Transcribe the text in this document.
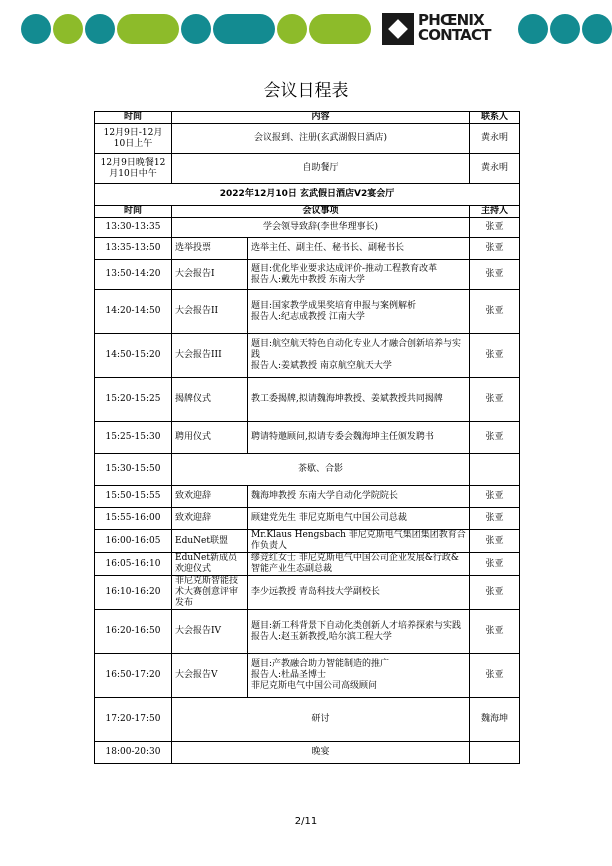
PHŒNIX
CONTACT
会议日程表
时间	内容		联系人
12月9日-12月10日上午	会议报到、注册(玄武湖假日酒店)		黄永明
12月9日晚餐12月10日中午	自助餐厅		黄永明
2022年12月10日 玄武假日酒店V2宴会厅			
时间	会议事项		主持人
13:30-13:35	学会领导致辞(李世华理事长)		张亚
13:35-13:50	选举投票	选举主任、副主任、秘书长、副秘书长	张亚
13:50-14:20	大会报告I	题目:优化毕业要求达成评价-推动工程教育改革
报告人:戴先中教授 东南大学	张亚
14:20-14:50	大会报告II	题目:国家教学成果奖培育申报与案例解析
报告人:纪志成教授 江南大学	张亚
14:50-15:20	大会报告III	题目:航空航天特色自动化专业人才融合创新培养与实践
报告人:姜斌教授 南京航空航天大学	张亚
15:20-15:25	揭牌仪式	教工委揭牌,拟请魏海坤教授、姜斌教授共同揭牌	张亚
15:25-15:30	聘用仪式	聘请特邀顾问,拟请专委会魏海坤主任颁发聘书	张亚
15:30-15:50	茶歇、合影		
15:50-15:55	致欢迎辞	魏海坤教授 东南大学自动化学院院长	张亚
15:55-16:00	致欢迎辞	顾建党先生 菲尼克斯电气中国公司总裁	张亚
16:00-16:05	EduNet联盟	Mr.Klaus Hengsbach 菲尼克斯电气集团集团教育合作负责人	张亚
16:05-16:10	EduNet新成员欢迎仪式	缪竞红女士 菲尼克斯电气中国公司企业发展&行政&智能产业生态副总裁	张亚
16:10-16:20	菲尼克斯智能技术大赛创意评审发布	李少远教授 青岛科技大学副校长	张亚
16:20-16:50	大会报告IV	题目:新工科背景下自动化类创新人才培养探索与实践
报告人:赵玉新教授,哈尔滨工程大学	张亚
16:50-17:20	大会报告V	题目:产教融合助力智能制造的推广
报告人:杜晶圣博士
菲尼克斯电气中国公司高级顾问	张亚
17:20-17:50	研讨		魏海坤
18:00-20:30	晚宴		
2/11
